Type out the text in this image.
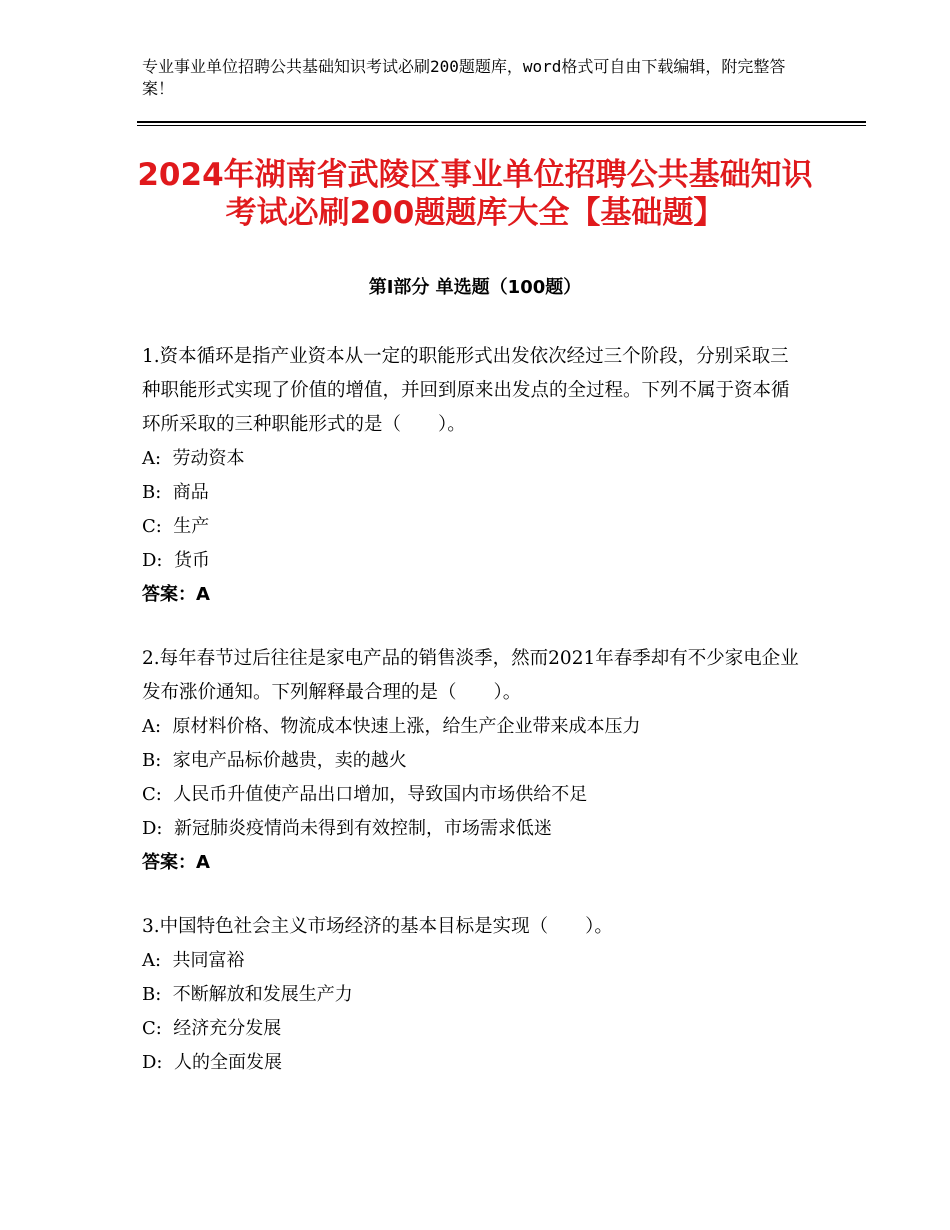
专业事业单位招聘公共基础知识考试必刷200题题库，word格式可自由下载编辑，附完整答案！
2024年湖南省武陵区事业单位招聘公共基础知识考试必刷200题题库大全【基础题】
第Ⅰ部分 单选题（100题）

1.资本循环是指产业资本从一定的职能形式出发依次经过三个阶段，分别采取三种职能形式实现了价值的增值，并回到原来出发点的全过程。下列不属于资本循环所采取的三种职能形式的是（　　）。

A:  劳动资本

B:  商品

C:  生产

D:  货币

答案：A

2.每年春节过后往往是家电产品的销售淡季，然而2021年春季却有不少家电企业发布涨价通知。下列解释最合理的是（　　）。

A:  原材料价格、物流成本快速上涨，给生产企业带来成本压力

B:  家电产品标价越贵，卖的越火

C:  人民币升值使产品出口增加，导致国内市场供给不足

D:  新冠肺炎疫情尚未得到有效控制，市场需求低迷

答案：A

3.中国特色社会主义市场经济的基本目标是实现（　　）。

A:  共同富裕

B:  不断解放和发展生产力

C:  经济充分发展

D:  人的全面发展
